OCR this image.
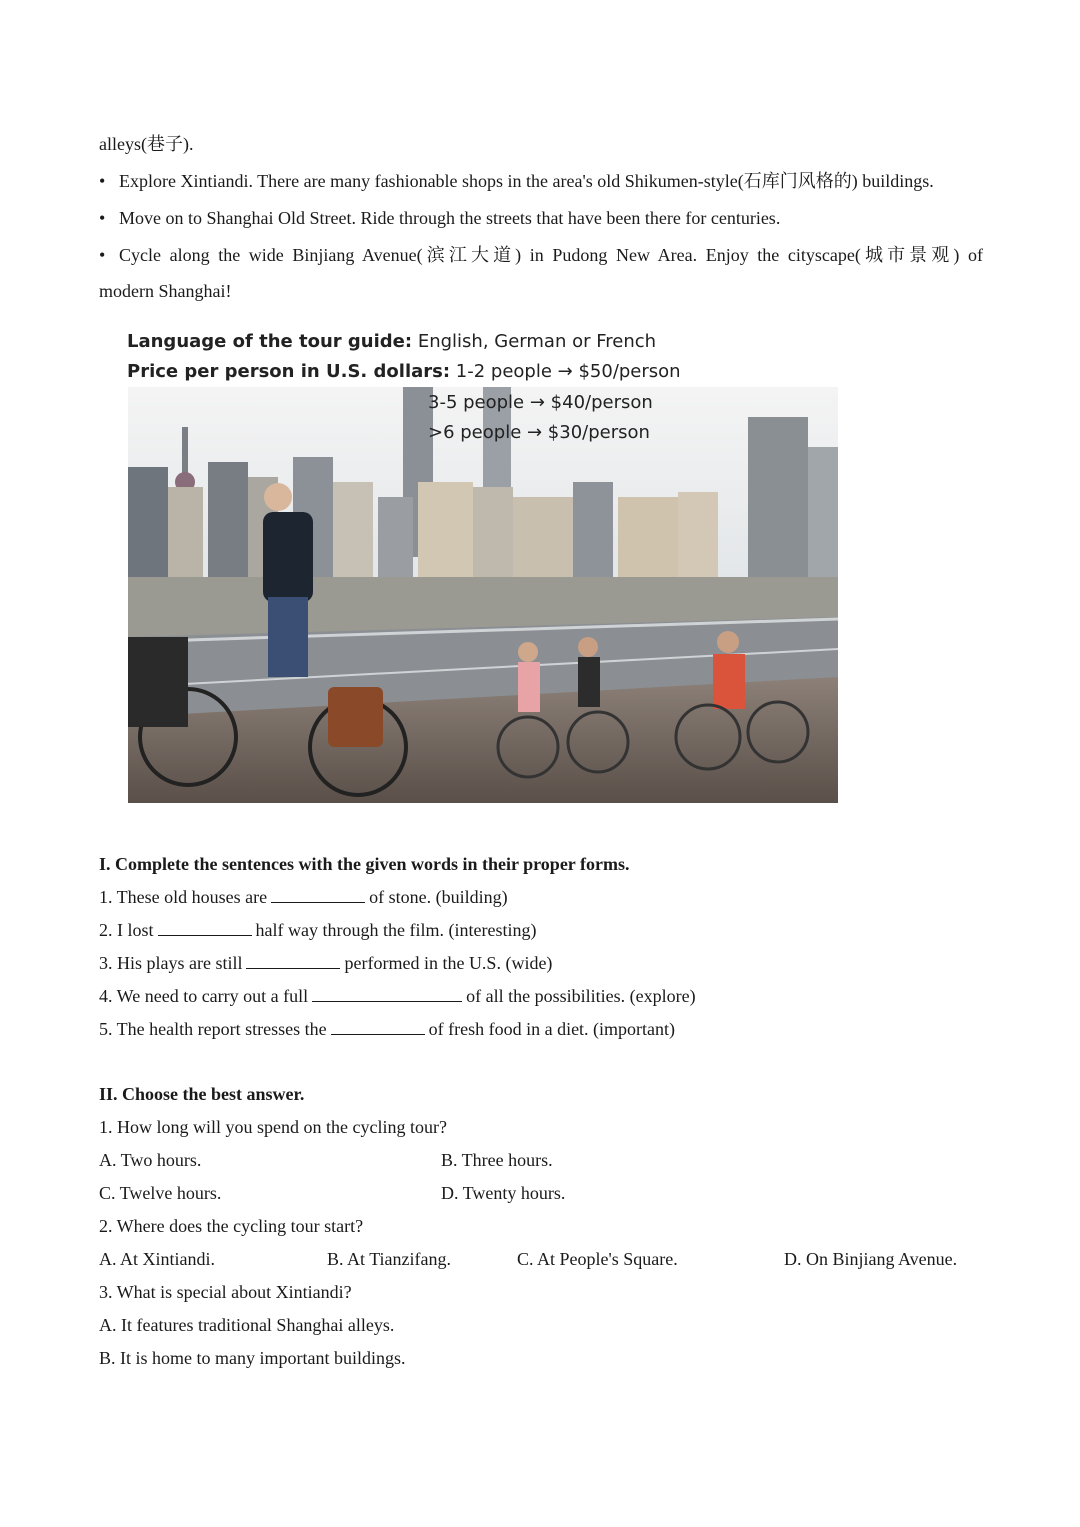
alleys(巷子).
• Explore Xintiandi. There are many fashionable shops in the area's old Shikumen-style(石库门风格的) buildings.
• Move on to Shanghai Old Street. Ride through the streets that have been there for centuries.
• Cycle along the wide Binjiang Avenue(滨江大道) in Pudong New Area. Enjoy the cityscape(城市景观) of
modern Shanghai!
Language of the tour guide: English, German or French
Price per person in U.S. dollars: 1-2 people → $50/person
3-5 people → $40/person
>6 people → $30/person
I. Complete the sentences with the given words in their proper forms.
1. These old houses are	of stone. (building)
2. I lost	half way through the film. (interesting)
3. His plays are still	performed in the U.S. (wide)
4. We need to carry out a full	of all the possibilities. (explore)
5. The health report stresses the	of fresh food in a diet. (important)
II. Choose the best answer.
1. How long will you spend on the cycling tour?
A. Two hours.	B. Three hours.
C. Twelve hours.	D. Twenty hours.
2. Where does the cycling tour start?
A. At Xintiandi.	B. At Tianzifang.	C. At People's Square.	D. On Binjiang Avenue.
3. What is special about Xintiandi?
A. It features traditional Shanghai alleys.
B. It is home to many important buildings.
